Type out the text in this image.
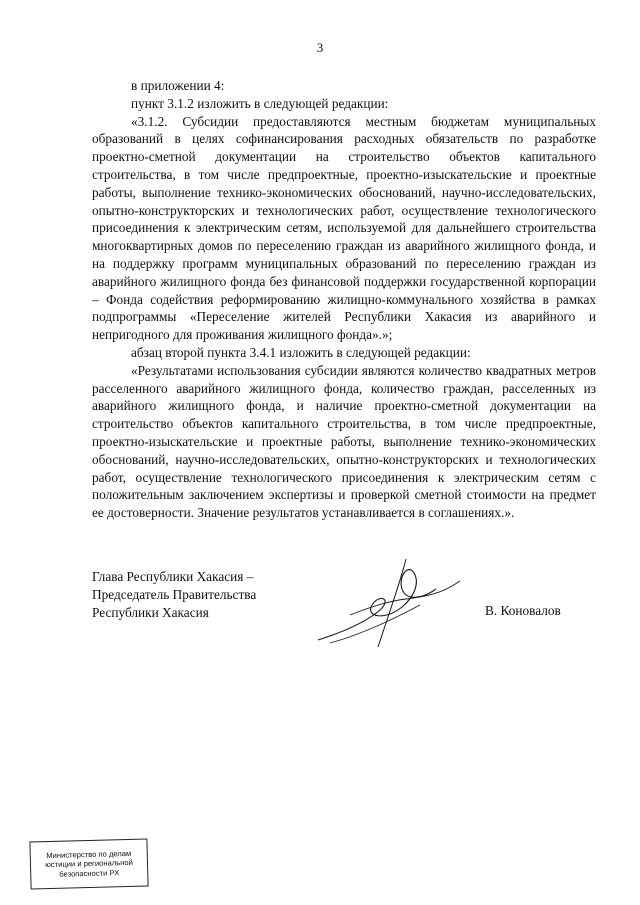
3

в приложении 4:

пункт 3.1.2 изложить в следующей редакции:

«3.1.2. Субсидии предоставляются местным бюджетам муниципальных образований в целях софинансирования расходных обязательств по разработке проектно-сметной документации на строительство объектов капитального строительства, в том числе предпроектные, проектно-изыскательские и проектные работы, выполнение технико-экономических обоснований, научно-исследовательских, опытно-конструкторских и технологических работ, осуществление технологического присоединения к электрическим сетям, используемой для дальнейшего строительства многоквартирных домов по переселению граждан из аварийного жилищного фонда, и на поддержку программ муниципальных образований по переселению граждан из аварийного жилищного фонда без финансовой поддержки государственной корпорации – Фонда содействия реформированию жилищно-коммунального хозяйства в рамках подпрограммы «Переселение жителей Республики Хакасия из аварийного и непригодного для проживания жилищного фонда».»;

абзац второй пункта 3.4.1 изложить в следующей редакции:

«Результатами использования субсидии являются количество квадратных метров расселенного аварийного жилищного фонда, количество граждан, расселенных из аварийного жилищного фонда, и наличие проектно-сметной документации на строительство объектов капитального строительства, в том числе предпроектные, проектно-изыскательские и проектные работы, выполнение технико-экономических обоснований, научно-исследовательских, опытно-конструкторских и технологических работ, осуществление технологического присоединения к электрическим сетям с положительным заключением экспертизы и проверкой сметной стоимости на предмет ее достоверности. Значение результатов устанавливается в соглашениях.».

Глава Республики Хакасия –
Председатель Правительства
Республики Хакасия	В. Коновалов
Министерство по делам
юстиции и региональной
безопасности РХ
